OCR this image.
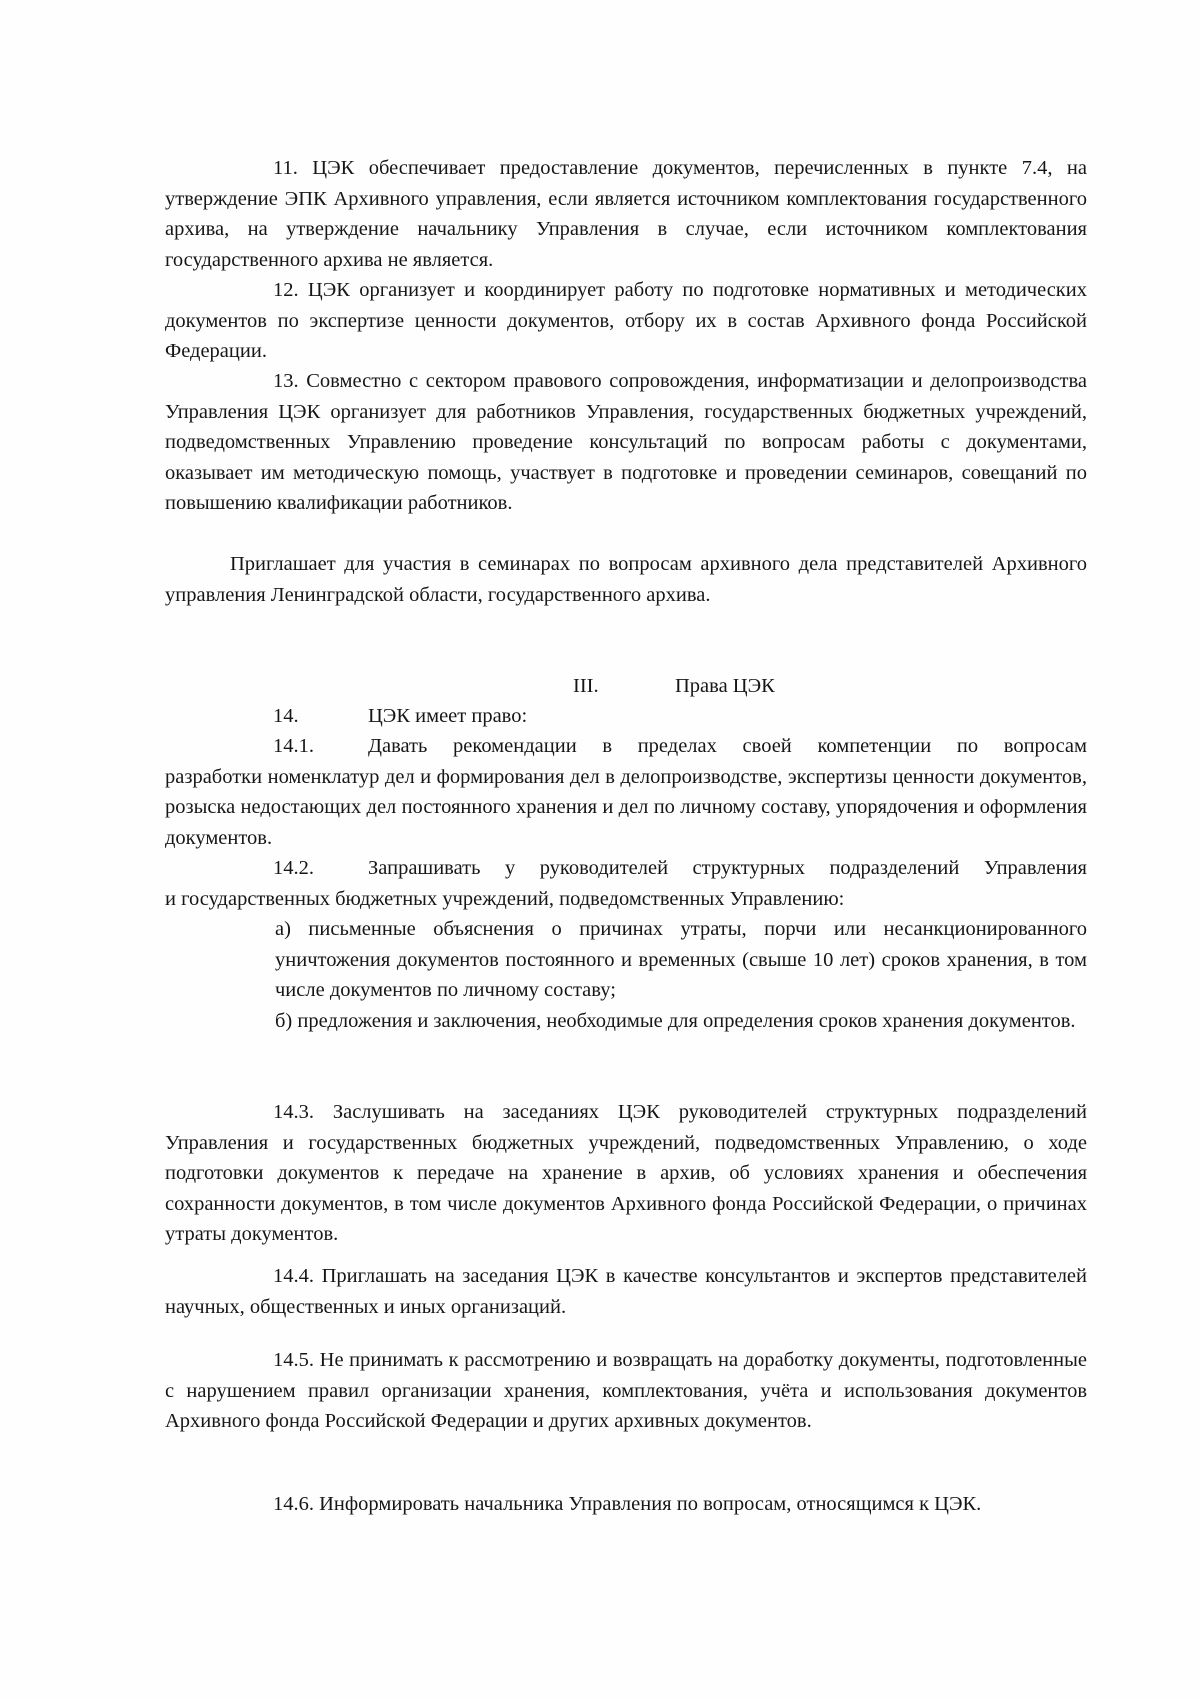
11. ЦЭК обеспечивает предоставление документов, перечисленных в пункте 7.4, на утверждение ЭПК Архивного управления, если является источником комплектования государственного архива, на утверждение начальнику Управления в случае, если источником комплектования государственного архива не является.

12. ЦЭК организует и координирует работу по подготовке нормативных и методических документов по экспертизе ценности документов, отбору их в состав Архивного фонда Российской Федерации.

13. Совместно с сектором правового сопровождения, информатизации и делопроизводства Управления ЦЭК организует для работников Управления, государственных бюджетных учреждений, подведомственных Управлению проведение консультаций по вопросам работы с документами, оказывает им методическую помощь, участвует в подготовке и проведении семинаров, совещаний по повышению квалификации работников.

Приглашает для участия в семинарах по вопросам архивного дела представителей Архивного управления Ленинградской области, государственного архива.

III.	Права ЦЭК
14.	ЦЭК имеет право:
14.1.	Давать рекомендации в пределах своей компетенции по вопросам

разработки номенклатур дел и формирования дел в делопроизводстве, экспертизы ценности документов, розыска недостающих дел постоянного хранения и дел по личному составу, упорядочения и оформления документов.

14.2.	Запрашивать у руководителей структурных подразделений Управления

и государственных бюджетных учреждений, подведомственных Управлению:

а) письменные объяснения о причинах утраты, порчи или несанкционированного уничтожения документов постоянного и временных (свыше 10 лет) сроков хранения, в том числе документов по личному составу;

б) предложения и заключения, необходимые для определения сроков хранения документов.

14.3. Заслушивать на заседаниях ЦЭК руководителей структурных подразделений Управления и государственных бюджетных учреждений, подведомственных Управлению, о ходе подготовки документов к передаче на хранение в архив, об условиях хранения и обеспечения сохранности документов, в том числе документов Архивного фонда Российской Федерации, о причинах утраты документов.

14.4. Приглашать на заседания ЦЭК в качестве консультантов и экспертов представителей научных, общественных и иных организаций.

14.5. Не принимать к рассмотрению и возвращать на доработку документы, подготовленные с нарушением правил организации хранения, комплектования, учёта и использования документов Архивного фонда Российской Федерации и других архивных документов.

14.6. Информировать начальника Управления по вопросам, относящимся к ЦЭК.
